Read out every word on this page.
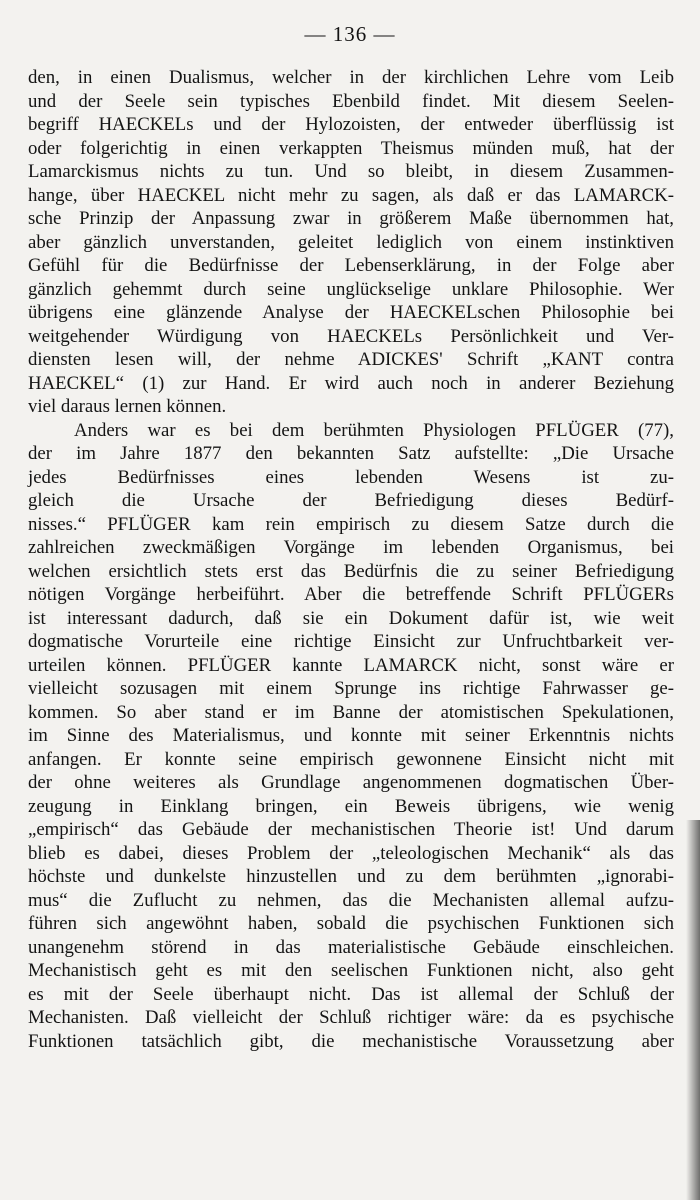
— 136 —
den, in einen Dualismus, welcher in der kirchlichen Lehre vom Leib
und der Seele sein typisches Ebenbild findet. Mit diesem Seelen-
begriff HAECKELs und der Hylozoisten, der entweder überflüssig ist
oder folgerichtig in einen verkappten Theismus münden muß, hat der
Lamarckismus nichts zu tun. Und so bleibt, in diesem Zusammen-
hange, über HAECKEL nicht mehr zu sagen, als daß er das LAMARCK-
sche Prinzip der Anpassung zwar in größerem Maße übernommen hat,
aber gänzlich unverstanden, geleitet lediglich von einem instinktiven
Gefühl für die Bedürfnisse der Lebenserklärung, in der Folge aber
gänzlich gehemmt durch seine unglückselige unklare Philosophie. Wer
übrigens eine glänzende Analyse der HAECKELschen Philosophie bei
weitgehender Würdigung von HAECKELs Persönlichkeit und Ver-
diensten lesen will, der nehme ADICKES' Schrift „KANT contra
HAECKEL“ (1) zur Hand. Er wird auch noch in anderer Beziehung
viel daraus lernen können.
Anders war es bei dem berühmten Physiologen PFLÜGER (77),
der im Jahre 1877 den bekannten Satz aufstellte: „Die Ursache
jedes Bedürfnisses eines lebenden Wesens ist zu-
gleich die Ursache der Befriedigung dieses Bedürf-
nisses.“ PFLÜGER kam rein empirisch zu diesem Satze durch die
zahlreichen zweckmäßigen Vorgänge im lebenden Organismus, bei
welchen ersichtlich stets erst das Bedürfnis die zu seiner Befriedigung
nötigen Vorgänge herbeiführt. Aber die betreffende Schrift PFLÜGERs
ist interessant dadurch, daß sie ein Dokument dafür ist, wie weit
dogmatische Vorurteile eine richtige Einsicht zur Unfruchtbarkeit ver-
urteilen können. PFLÜGER kannte LAMARCK nicht, sonst wäre er
vielleicht sozusagen mit einem Sprunge ins richtige Fahrwasser ge-
kommen. So aber stand er im Banne der atomistischen Spekulationen,
im Sinne des Materialismus, und konnte mit seiner Erkenntnis nichts
anfangen. Er konnte seine empirisch gewonnene Einsicht nicht mit
der ohne weiteres als Grundlage angenommenen dogmatischen Über-
zeugung in Einklang bringen, ein Beweis übrigens, wie wenig
„empirisch“ das Gebäude der mechanistischen Theorie ist! Und darum
blieb es dabei, dieses Problem der „teleologischen Mechanik“ als das
höchste und dunkelste hinzustellen und zu dem berühmten „ignorabi-
mus“ die Zuflucht zu nehmen, das die Mechanisten allemal aufzu-
führen sich angewöhnt haben, sobald die psychischen Funktionen sich
unangenehm störend in das materialistische Gebäude einschleichen.
Mechanistisch geht es mit den seelischen Funktionen nicht, also geht
es mit der Seele überhaupt nicht. Das ist allemal der Schluß der
Mechanisten. Daß vielleicht der Schluß richtiger wäre: da es psychische
Funktionen tatsächlich gibt, die mechanistische Voraussetzung aber
